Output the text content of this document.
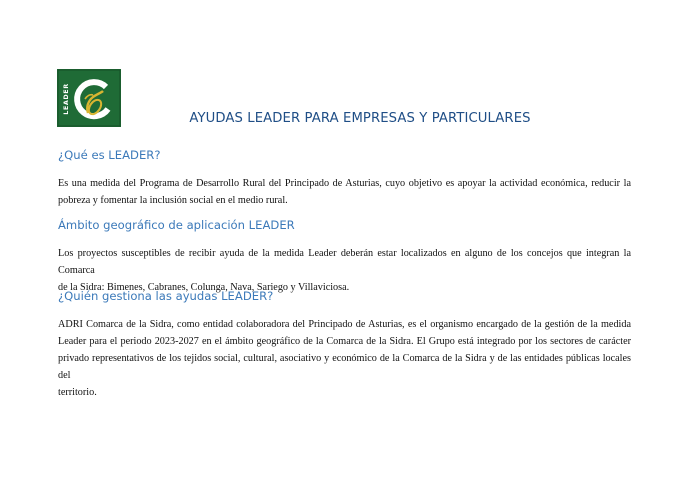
LEADER
AYUDAS LEADER PARA EMPRESAS Y PARTICULARES
¿Qué es LEADER?
Es una medida del Programa de Desarrollo Rural del Principado de Asturias, cuyo objetivo es apoyar la actividad económica, reducir la
pobreza y fomentar la inclusión social en el medio rural.
Ámbito geográfico de aplicación LEADER
Los proyectos susceptibles de recibir ayuda de la medida Leader deberán estar localizados en alguno de los concejos que integran la Comarca
de la Sidra: Bimenes, Cabranes, Colunga, Nava, Sariego y Villaviciosa.
¿Quién gestiona las ayudas LEADER?
ADRI Comarca de la Sidra, como entidad colaboradora del Principado de Asturias, es el organismo encargado de la gestión de la medida
Leader para el periodo 2023-2027 en el ámbito geográfico de la Comarca de la Sidra. El Grupo está integrado por los sectores de carácter
privado representativos de los tejidos social, cultural, asociativo y económico de la Comarca de la Sidra y de las entidades públicas locales del
territorio.
